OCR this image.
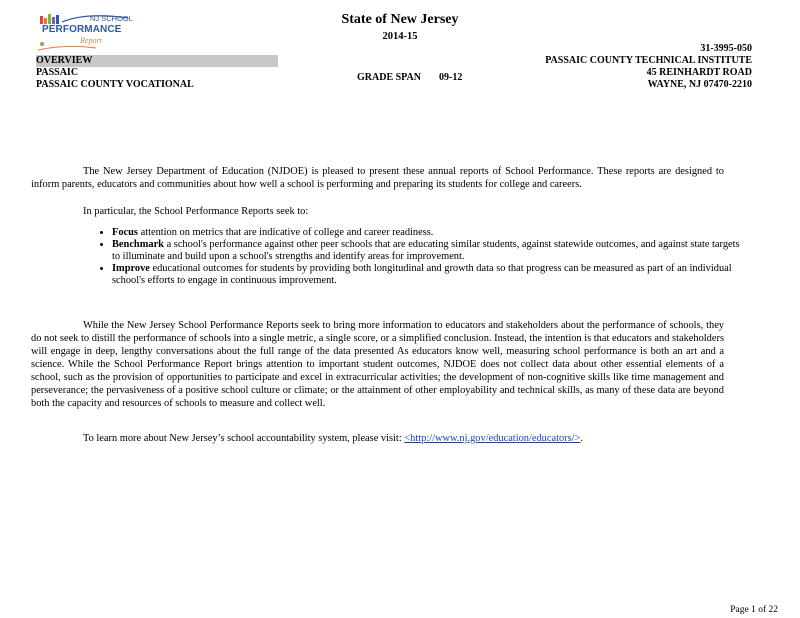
NJ SCHOOL
PERFORMANCE
Report
State of New Jersey
2014-15
OVERVIEW
PASSAIC
PASSAIC COUNTY VOCATIONAL
GRADE SPAN 09-12
31-3995-050
PASSAIC COUNTY TECHNICAL INSTITUTE
45 REINHARDT ROAD
WAYNE, NJ 07470-2210
The New Jersey Department of Education (NJDOE) is pleased to present these annual reports of School Performance. These reports are designed to inform parents, educators and communities about how well a school is performing and preparing its students for college and careers.
In particular, the School Performance Reports seek to:
• Focus attention on metrics that are indicative of college and career readiness.
• Benchmark a school's performance against other peer schools that are educating similar students, against statewide outcomes, and against state targets to illuminate and build upon a school's strengths and identify areas for improvement.
• Improve educational outcomes for students by providing both longitudinal and growth data so that progress can be measured as part of an individual school's efforts to engage in continuous improvement.
While the New Jersey School Performance Reports seek to bring more information to educators and stakeholders about the performance of schools, they do not seek to distill the performance of schools into a single metric, a single score, or a simplified conclusion. Instead, the intention is that educators and stakeholders will engage in deep, lengthy conversations about the full range of the data presented As educators know well, measuring school performance is both an art and a science. While the School Performance Report brings attention to important student outcomes, NJDOE does not collect data about other essential elements of a school, such as the provision of opportunities to participate and excel in extracurricular activities; the development of non-cognitive skills like time management and perseverance; the pervasiveness of a positive school culture or climate; or the attainment of other employability and technical skills, as many of these data are beyond both the capacity and resources of schools to measure and collect well.
To learn more about New Jersey’s school accountability system, please visit: <http://www.nj.gov/education/educators/>.
Page 1 of 22
